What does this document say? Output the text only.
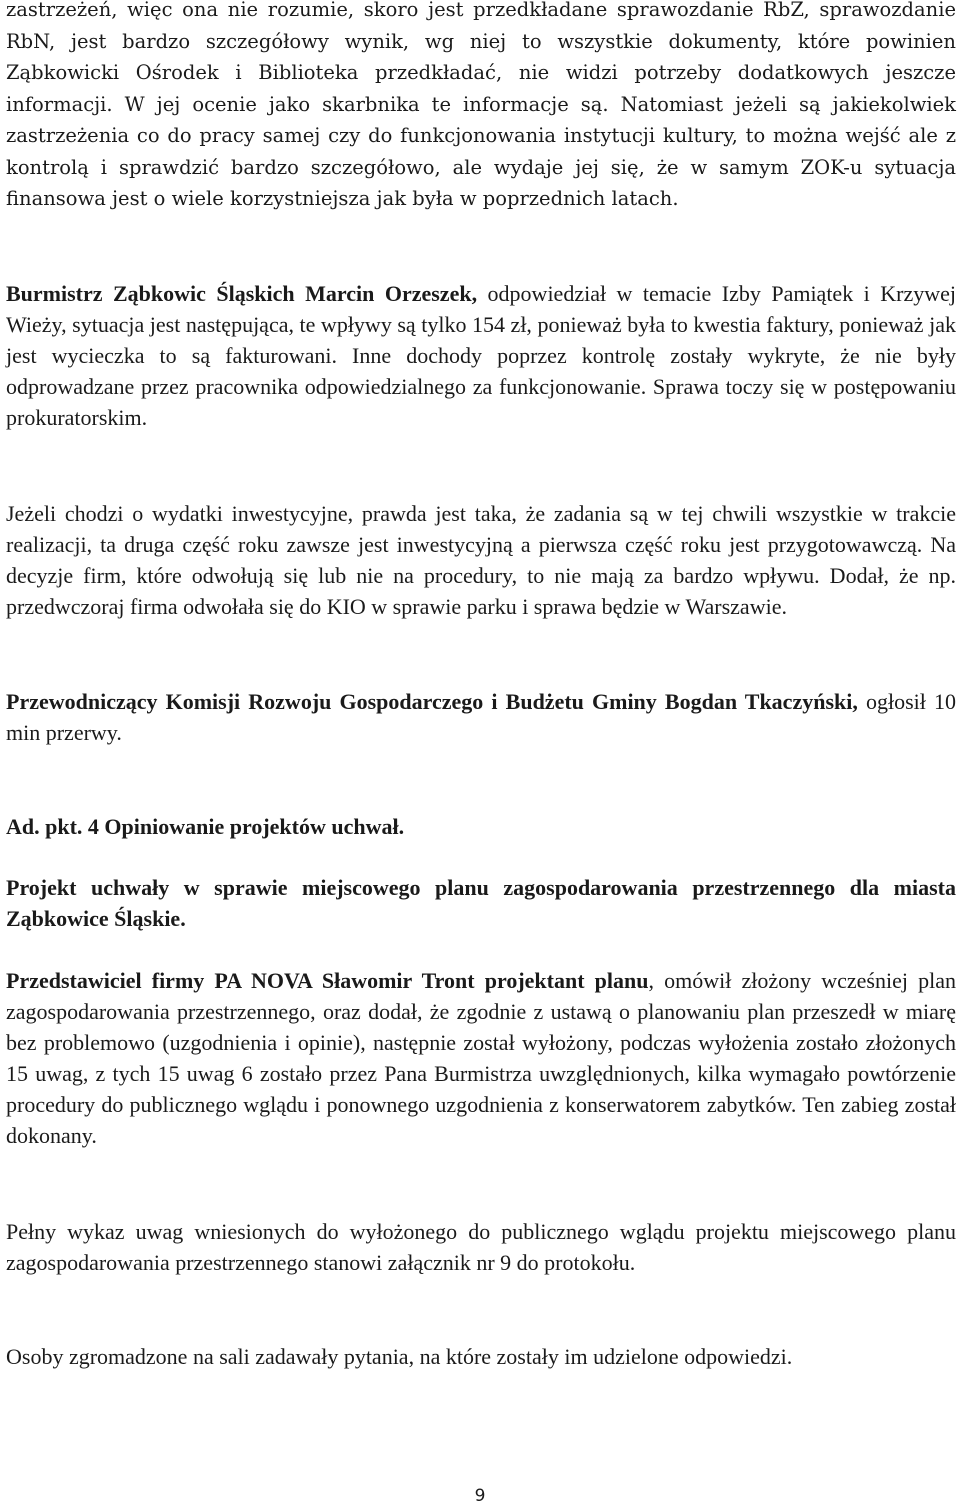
zastrzeżeń, więc ona nie rozumie, skoro jest przedkładane sprawozdanie RbZ, sprawozdanie RbN, jest bardzo szczegółowy wynik, wg niej to wszystkie dokumenty, które powinien Ząbkowicki Ośrodek i Biblioteka przedkładać, nie widzi potrzeby dodatkowych jeszcze informacji. W jej ocenie jako skarbnika te informacje są. Natomiast jeżeli są jakiekolwiek zastrzeżenia co do pracy samej czy do funkcjonowania instytucji kultury, to można wejść ale z kontrolą i sprawdzić bardzo szczegółowo, ale wydaje jej się, że w samym ZOK-u sytuacja finansowa jest o wiele korzystniejsza jak była w poprzednich latach.

Burmistrz Ząbkowic Śląskich Marcin Orzeszek, odpowiedział w temacie Izby Pamiątek i Krzywej Wieży, sytuacja jest następująca, te wpływy są tylko 154 zł, ponieważ była to kwestia faktury, ponieważ jak jest wycieczka to są fakturowani. Inne dochody poprzez kontrolę zostały wykryte, że nie były odprowadzane przez pracownika odpowiedzialnego za funkcjonowanie. Sprawa toczy się w postępowaniu prokuratorskim.

Jeżeli chodzi o wydatki inwestycyjne, prawda jest taka, że zadania są w tej chwili wszystkie w trakcie realizacji, ta druga część roku zawsze jest inwestycyjną a pierwsza część roku jest przygotowawczą. Na decyzje firm, które odwołują się lub nie na procedury, to nie mają za bardzo wpływu. Dodał, że np. przedwczoraj firma odwołała się do KIO w sprawie parku i sprawa będzie w Warszawie.

Przewodniczący Komisji Rozwoju Gospodarczego i Budżetu Gminy Bogdan Tkaczyński, ogłosił 10 min przerwy.

Ad. pkt. 4 Opiniowanie projektów uchwał.

Projekt uchwały w sprawie miejscowego planu zagospodarowania przestrzennego dla miasta Ząbkowice Śląskie.

Przedstawiciel firmy PA NOVA Sławomir Tront projektant planu, omówił złożony wcześniej plan zagospodarowania przestrzennego, oraz dodał, że zgodnie z ustawą o planowaniu plan przeszedł w miarę bez problemowo (uzgodnienia i opinie), następnie został wyłożony, podczas wyłożenia zostało złożonych 15 uwag, z tych 15 uwag 6 zostało przez Pana Burmistrza uwzględnionych, kilka wymagało powtórzenie procedury do publicznego wglądu i ponownego uzgodnienia z konserwatorem zabytków. Ten zabieg został dokonany.

Pełny wykaz uwag wniesionych do wyłożonego do publicznego wglądu projektu miejscowego planu zagospodarowania przestrzennego stanowi załącznik nr 9 do protokołu.

Osoby zgromadzone na sali zadawały pytania, na które zostały im udzielone odpowiedzi.

9
